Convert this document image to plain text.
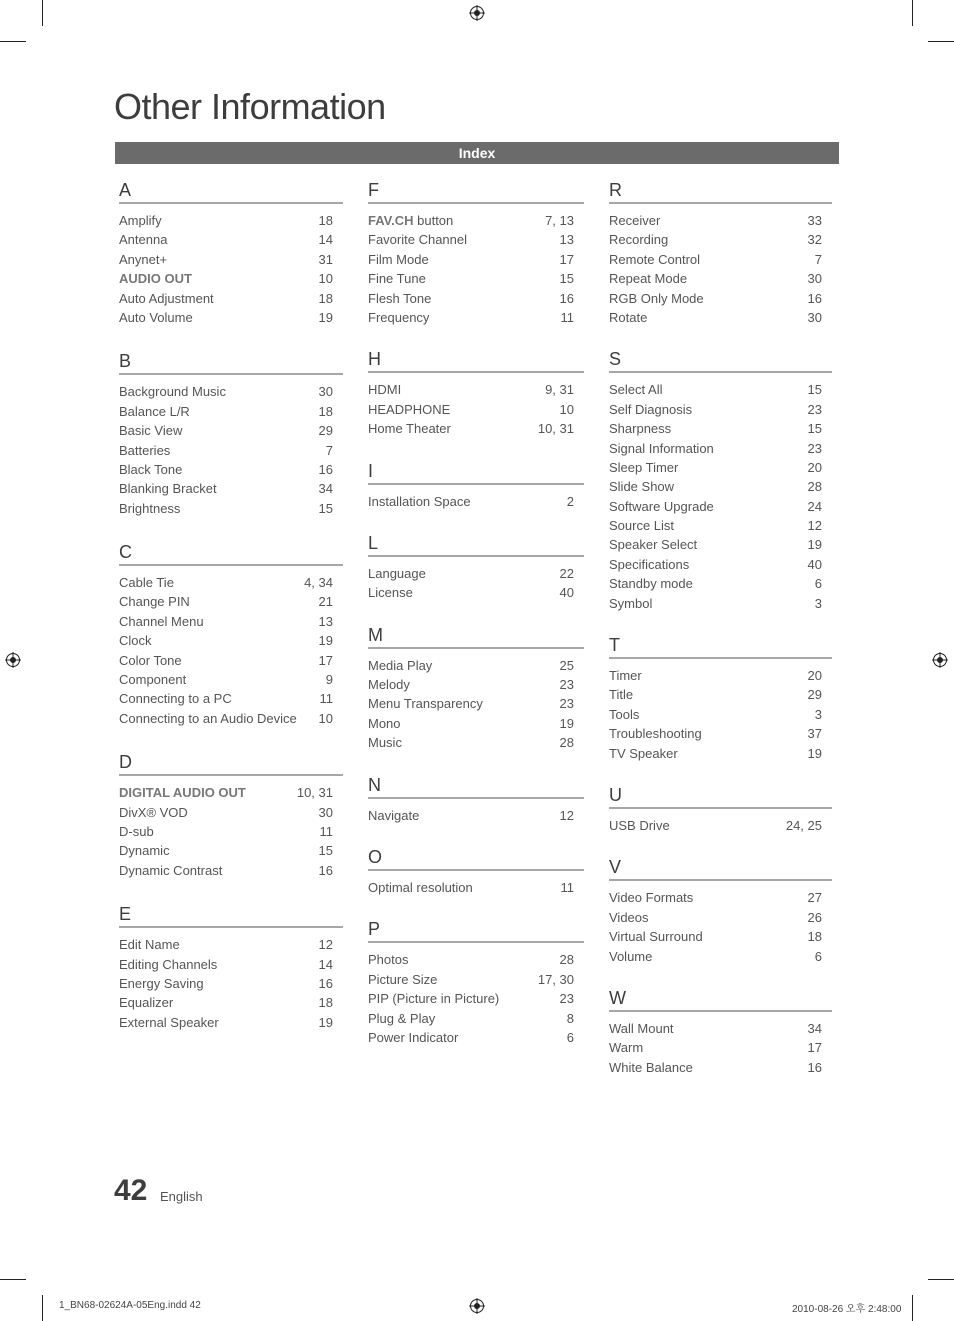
Other Information
Index
A
Amplify	18
Antenna	14
Anynet+	31
AUDIO OUT	10
Auto Adjustment	18
Auto Volume	19
B
Background Music	30
Balance L/R	18
Basic View	29
Batteries	7
Black Tone	16
Blanking Bracket	34
Brightness	15
C
Cable Tie	4, 34
Change PIN	21
Channel Menu	13
Clock	19
Color Tone	17
Component	9
Connecting to a PC	11
Connecting to an Audio Device 10
D
DIGITAL AUDIO OUT	10, 31
DivX® VOD	30
D-sub	11
Dynamic	15
Dynamic Contrast	16
E
Edit Name	12
Editing Channels	14
Energy Saving	16
Equalizer	18
External Speaker	19
F
FAV.CH button	7, 13
Favorite Channel	13
Film Mode	17
Fine Tune	15
Flesh Tone	16
Frequency	11
H
HDMI	9, 31
HEADPHONE	10
Home Theater	10, 31
I
Installation Space	2
L
Language	22
License	40
M
Media Play	25
Melody	23
Menu Transparency	23
Mono	19
Music	28
N
Navigate	12
O
Optimal resolution	11
P
Photos	28
Picture Size	17, 30
PIP (Picture in Picture)	23
Plug & Play	8
Power Indicator	6
R
Receiver	33
Recording	32
Remote Control	7
Repeat Mode	30
RGB Only Mode	16
Rotate	30
S
Select All	15
Self Diagnosis	23
Sharpness	15
Signal Information	23
Sleep Timer	20
Slide Show	28
Software Upgrade	24
Source List	12
Speaker Select	19
Specifications	40
Standby mode	6
Symbol	3
T
Timer	20
Title	29
Tools	3
Troubleshooting	37
TV Speaker	19
U
USB Drive	24, 25
V
Video Formats	27
Videos	26
Virtual Surround	18
Volume	6
W
Wall Mount	34
Warm	17
White Balance	16
42 English
1_BN68-02624A-05Eng.indd 42	2010-08-26 오후 2:48:00
